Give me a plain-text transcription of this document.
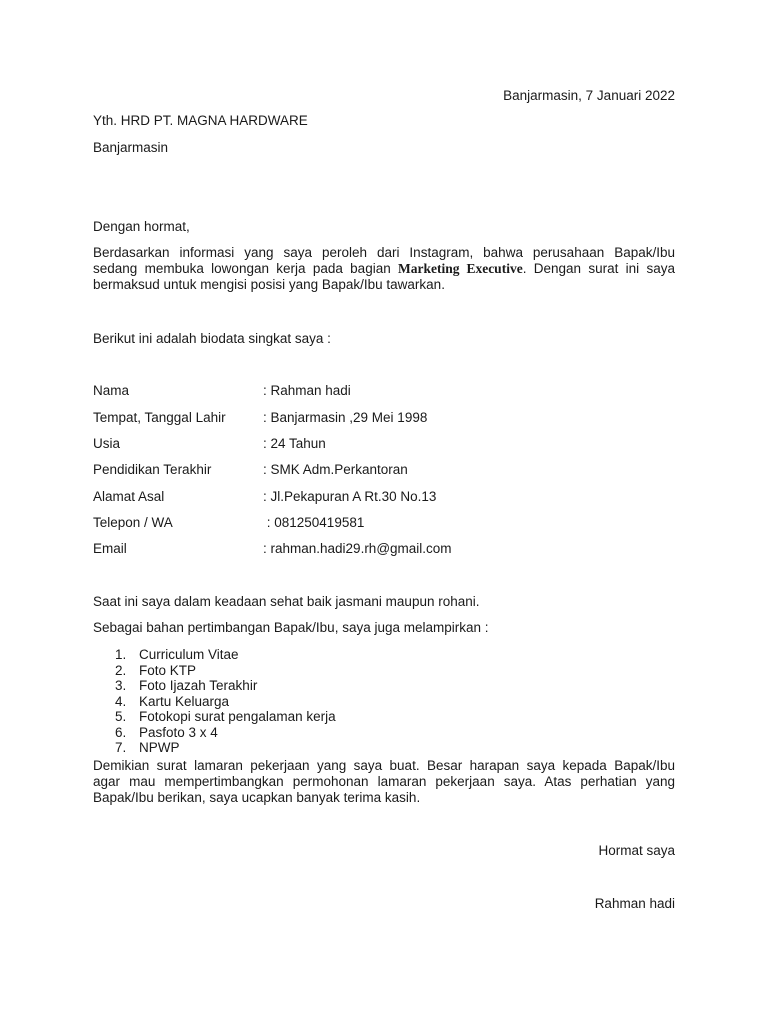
Banjarmasin, 7 Januari 2022
Yth. HRD PT. MAGNA HARDWARE
Banjarmasin
Dengan hormat,
Berdasarkan informasi yang saya peroleh dari Instagram, bahwa perusahaan Bapak/Ibu
sedang membuka lowongan kerja pada bagian Marketing Executive. Dengan surat ini saya
bermaksud untuk mengisi posisi yang Bapak/Ibu tawarkan.
Berikut ini adalah biodata singkat saya :
Nama	: Rahman hadi
Tempat, Tanggal Lahir	: Banjarmasin ,29 Mei 1998
Usia	: 24 Tahun
Pendidikan Terakhir	: SMK Adm.Perkantoran
Alamat Asal	: Jl.Pekapuran A Rt.30 No.13
Telepon / WA	: 081250419581
Email	: rahman.hadi29.rh@gmail.com
Saat ini saya dalam keadaan sehat baik jasmani maupun rohani.
Sebagai bahan pertimbangan Bapak/Ibu, saya juga melampirkan :
1. Curriculum Vitae
2. Foto KTP
3. Foto Ijazah Terakhir
4. Kartu Keluarga
5. Fotokopi surat pengalaman kerja
6. Pasfoto 3 x 4
7. NPWP
Demikian surat lamaran pekerjaan yang saya buat. Besar harapan saya kepada Bapak/Ibu
agar mau mempertimbangkan permohonan lamaran pekerjaan saya. Atas perhatian yang
Bapak/Ibu berikan, saya ucapkan banyak terima kasih.
Hormat saya
Rahman hadi
